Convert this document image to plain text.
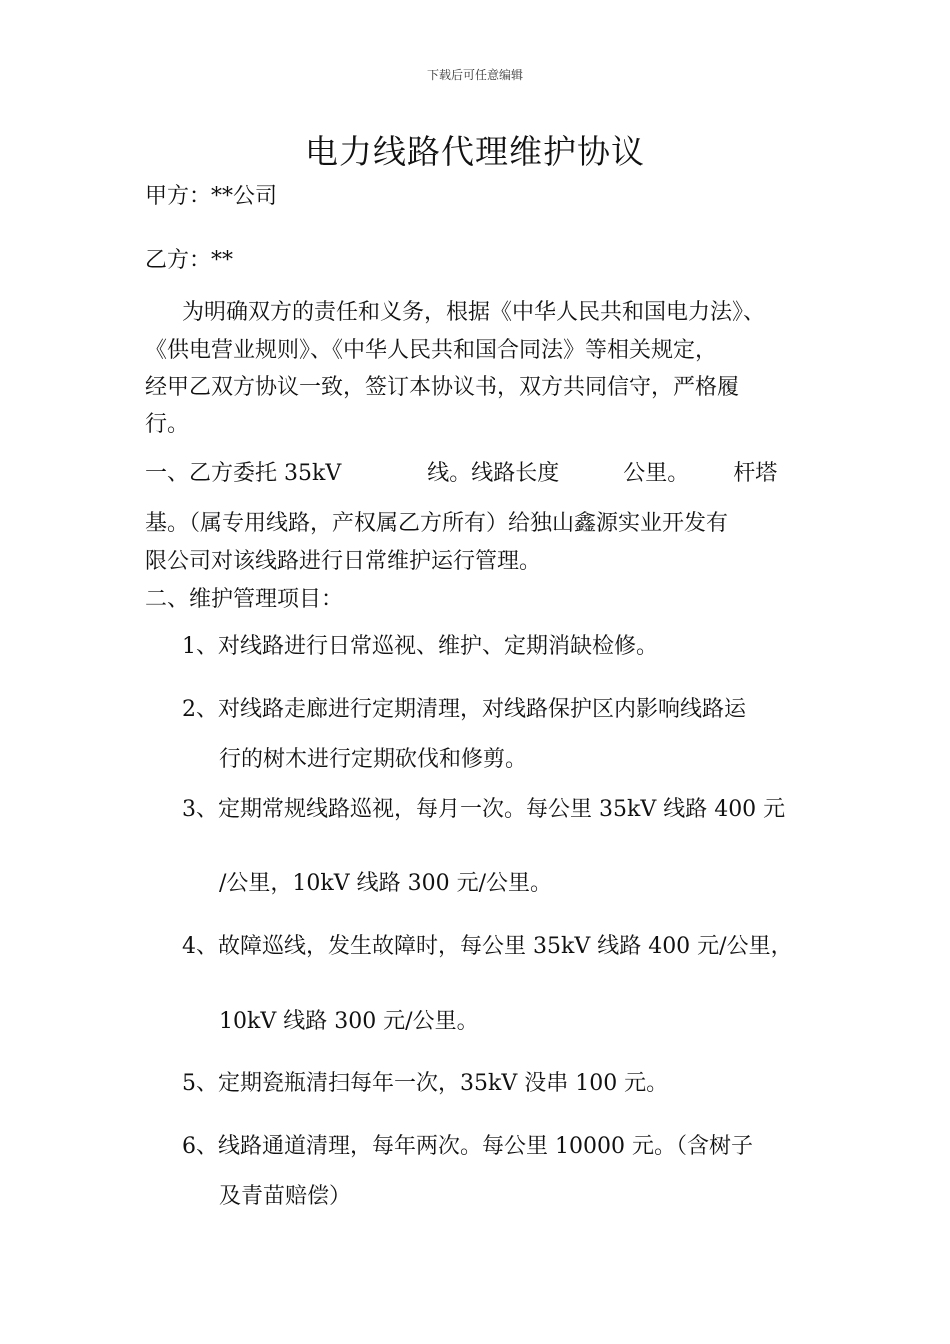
下载后可任意编辑
电力线路代理维护协议
甲方：**公司
乙方：**
为明确双方的责任和义务，根据《中华人民共和国电力法》、
《供电营业规则》、《中华人民共和国合同法》等相关规定，
经甲乙双方协议一致，签订本协议书，双方共同信守，严格履
行。
一、乙方委托 35kV	线。线路长度	公里。 杆塔
基。（属专用线路，产权属乙方所有）给独山鑫源实业开发有
限公司对该线路进行日常维护运行管理。
二、维护管理项目：
1、对线路进行日常巡视、维护、定期消缺检修。
2、对线路走廊进行定期清理，对线路保护区内影响线路运
行的树木进行定期砍伐和修剪。
3、定期常规线路巡视，每月一次。每公里 35kV 线路 400 元
/公里，10kV 线路 300 元/公里。
4、故障巡线，发生故障时，每公里 35kV 线路 400 元/公里，
10kV 线路 300 元/公里。
5、定期瓷瓶清扫每年一次，35kV 没串 100 元。
6、线路通道清理，每年两次。每公里 10000 元。（含树子
及青苗赔偿）
